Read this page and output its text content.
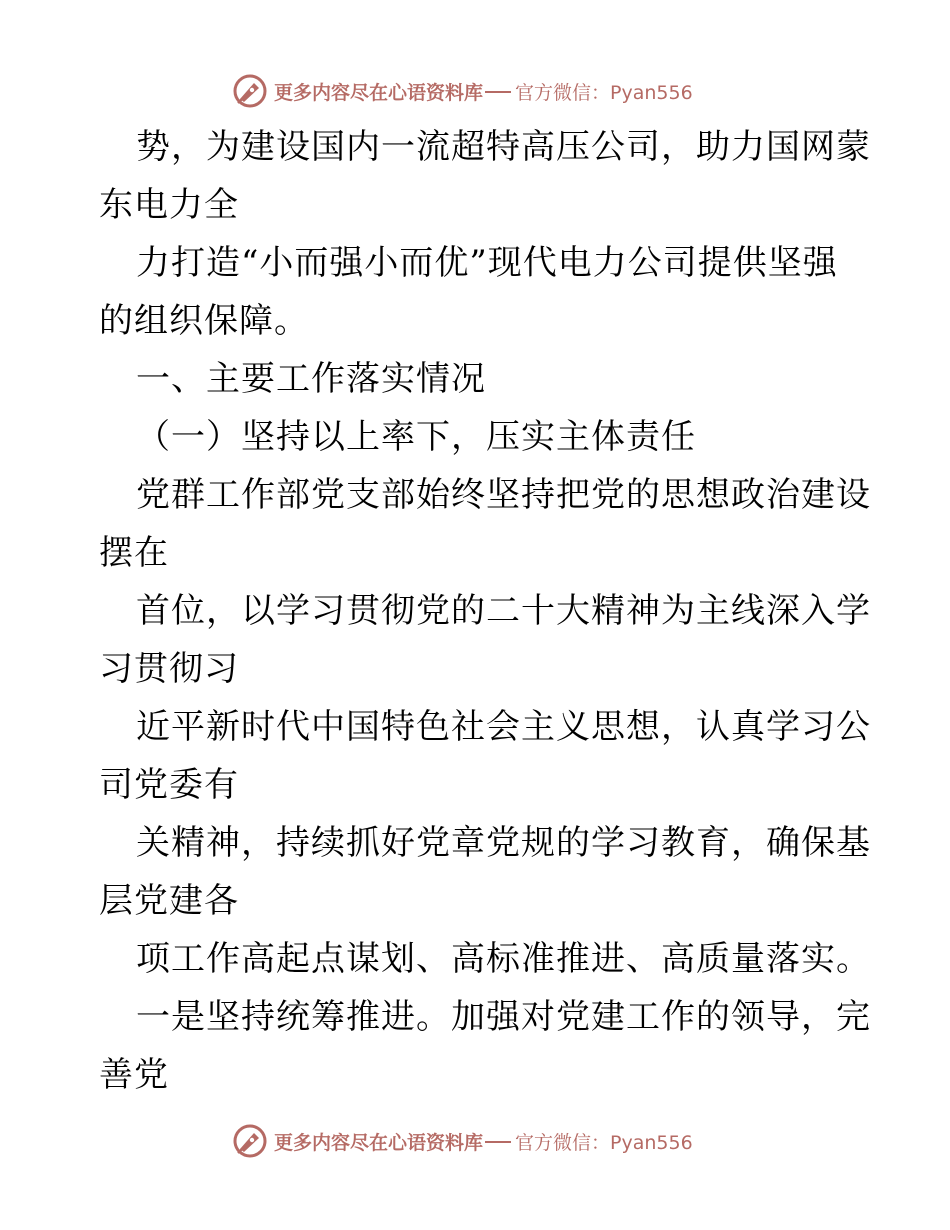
更多内容尽在心语资料库 官方微信：Pyan556
势，为建设国内一流超特高压公司，助力国网蒙
东电力全
力打造“小而强小而优”现代电力公司提供坚强
的组织保障。
一、主要工作落实情况
（一）坚持以上率下，压实主体责任
党群工作部党支部始终坚持把党的思想政治建设
摆在
首位，以学习贯彻党的二十大精神为主线深入学
习贯彻习
近平新时代中国特色社会主义思想，认真学习公
司党委有
关精神，持续抓好党章党规的学习教育，确保基
层党建各
项工作高起点谋划、高标准推进、高质量落实。
一是坚持统筹推进。加强对党建工作的领导，完
善党
更多内容尽在心语资料库 官方微信：Pyan556
